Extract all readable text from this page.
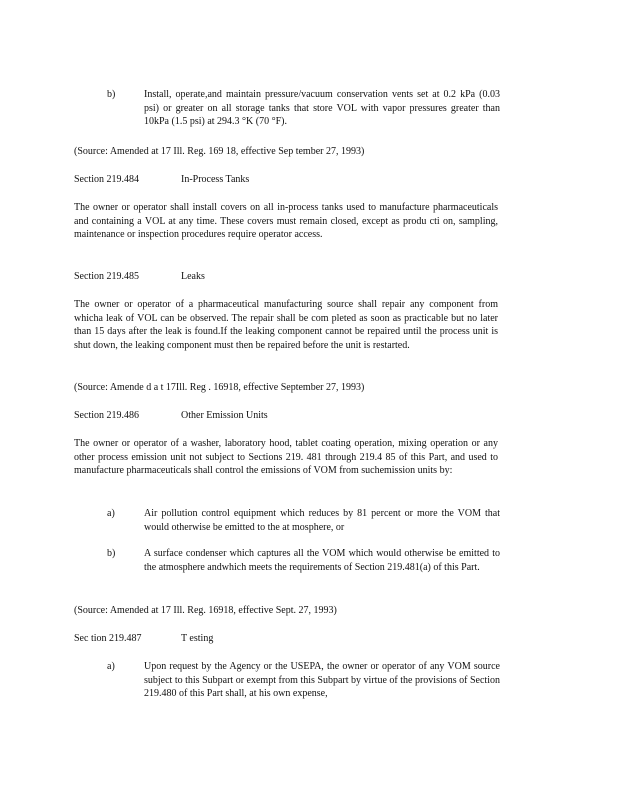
b)	Install, operate,and maintain pressure/vacuum conservation vents set at 0.2 kPa (0.03 psi) or greater on all storage tanks that store VOL with vapor pressures greater than 10kPa (1.5 psi) at 294.3 °K (70 °F).

(Source: Amended at 17 Ill. Reg. 169 18, effective Sep tember 27, 1993)

Section 219.484	In-Process Tanks

The owner or operator shall install covers on all in-process tanks used to manufacture pharmaceuticals and containing a VOL at any time. These covers must remain closed, except as produ cti on, sampling, maintenance or inspection procedures require operator access.

Section 219.485	Leaks

The owner or operator of a pharmaceutical manufacturing source shall repair any component from whicha leak of VOL can be observed. The repair shall be com pleted as soon as practicable but no later than 15 days after the leak is found.If the leaking component cannot be repaired until the process unit is shut down, the leaking component must then be repaired before the unit is restarted.

(Source: Amende d a t 17Ill. Reg . 16918, effective September 27, 1993)

Section 219.486	Other Emission Units

The owner or operator of a washer, laboratory hood, tablet coating operation, mixing operation or any other process emission unit not subject to Sections 219. 481 through 219.4 85 of this Part, and used to manufacture pharmaceuticals shall control the emissions of VOM from suchemission units by:

a)	Air pollution control equipment which reduces by 81 percent or more the VOM that would otherwise be emitted to the at mosphere, or

b)	A surface condenser which captures all the VOM which would otherwise be emitted to the atmosphere andwhich meets the requirements of Section 219.481(a) of this Part.

(Source: Amended at 17 Ill. Reg. 16918, effective Sept. 27, 1993)

Sec tion 219.487	T esting

a)	Upon request by the Agency or the USEPA, the owner or operator of any VOM source subject to this Subpart or exempt from this Subpart by virtue of the provisions of Section 219.480 of this Part shall, at his own expense,
